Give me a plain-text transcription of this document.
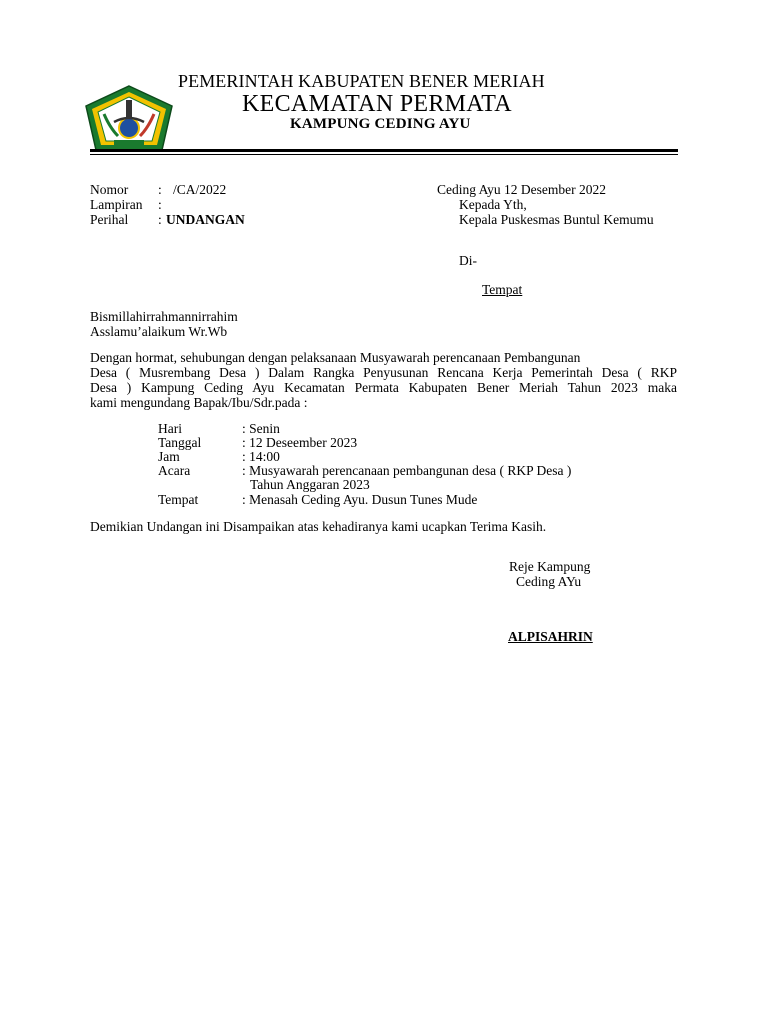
PEMERINTAH KABUPATEN BENER MERIAH
KECAMATAN PERMATA
KAMPUNG CEDING AYU
Nomor : /CA/2022
Lampiran :
Perihal : UNDANGAN
Ceding Ayu 12 Desember 2022
Kepada Yth,
Kepala Puskesmas Buntul Kemumu
Di-
Tempat
Bismillahirrahmannirrahim
Asslamu’alaikum Wr.Wb
Dengan hormat, sehubungan dengan pelaksanaan Musyawarah perencanaan Pembangunan
Desa ( Musrembang Desa ) Dalam Rangka Penyusunan Rencana Kerja Pemerintah Desa ( RKP
Desa ) Kampung Ceding Ayu Kecamatan Permata Kabupaten Bener Meriah Tahun 2023 maka
kami mengundang Bapak/Ibu/Sdr.pada :
Hari	: Senin
Tanggal	: 12 Deseember 2023
Jam	: 14:00
Acara	: Musyawarah perencanaan pembangunan desa ( RKP Desa )
Tahun Anggaran 2023
Tempat	: Menasah Ceding Ayu. Dusun Tunes Mude
Demikian Undangan ini Disampaikan atas kehadiranya kami ucapkan Terima Kasih.
Reje Kampung
Ceding AYu
ALPISAHRIN
